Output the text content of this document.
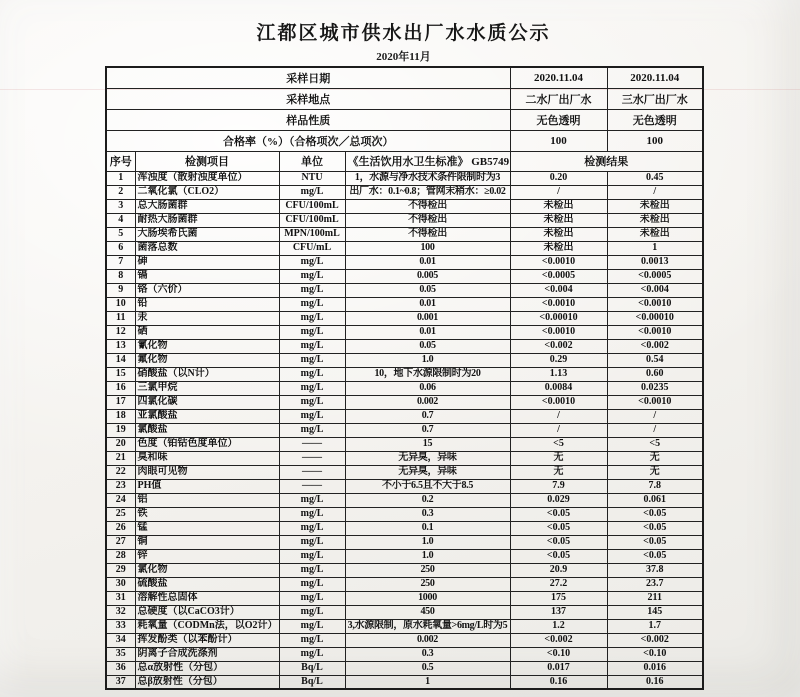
江都区城市供水出厂水水质公示
2020年11月
采样日期				2020.11.04	2020.11.04
采样地点				二水厂出厂水	三水厂出厂水
样品性质				无色透明	无色透明
合格率（%）（合格项次／总项次）				100	100
序号	检测项目	单位	《生活饮用水卫生标准》 GB5749	检测结果	
1	浑浊度（散射浊度单位）	NTU	1，水源与净水技术条件限制时为3	0.20	0.45
2	二氧化氯（CLO2）	mg/L	出厂水：0.1~0.8；管网末稍水：≥0.02	/	/
3	总大肠菌群	CFU/100mL	不得检出	未检出	未检出
4	耐热大肠菌群	CFU/100mL	不得检出	未检出	未检出
5	大肠埃希氏菌	MPN/100mL	不得检出	未检出	未检出
6	菌落总数	CFU/mL	100	未检出	1
7	砷	mg/L	0.01	<0.0010	0.0013
8	镉	mg/L	0.005	<0.0005	<0.0005
9	铬（六价）	mg/L	0.05	<0.004	<0.004
10	铅	mg/L	0.01	<0.0010	<0.0010
11	汞	mg/L	0.001	<0.00010	<0.00010
12	硒	mg/L	0.01	<0.0010	<0.0010
13	氰化物	mg/L	0.05	<0.002	<0.002
14	氟化物	mg/L	1.0	0.29	0.54
15	硝酸盐（以N计）	mg/L	10，地下水源限制时为20	1.13	0.60
16	三氯甲烷	mg/L	0.06	0.0084	0.0235
17	四氯化碳	mg/L	0.002	<0.0010	<0.0010
18	亚氯酸盐	mg/L	0.7	/	/
19	氯酸盐	mg/L	0.7	/	/
20	色度（铂钴色度单位）	——	15	<5	<5
21	臭和味	——	无异臭，异味	无	无
22	肉眼可见物	——	无异臭，异味	无	无
23	PH值	——	不小于6.5且不大于8.5	7.9	7.8
24	铝	mg/L	0.2	0.029	0.061
25	铁	mg/L	0.3	<0.05	<0.05
26	锰	mg/L	0.1	<0.05	<0.05
27	铜	mg/L	1.0	<0.05	<0.05
28	锌	mg/L	1.0	<0.05	<0.05
29	氯化物	mg/L	250	20.9	37.8
30	硫酸盐	mg/L	250	27.2	23.7
31	溶解性总固体	mg/L	1000	175	211
32	总硬度（以CaCO3计）	mg/L	450	137	145
33	耗氧量（CODMn法，以O2计）	mg/L	3,水源限制，原水耗氧量>6mg/L时为5	1.2	1.7
34	挥发酚类（以苯酚计）	mg/L	0.002	<0.002	<0.002
35	阴离子合成洗涤剂	mg/L	0.3	<0.10	<0.10
36	总α放射性（分包）	Bq/L	0.5	0.017	0.016
37	总β放射性（分包）	Bq/L	1	0.16	0.16
